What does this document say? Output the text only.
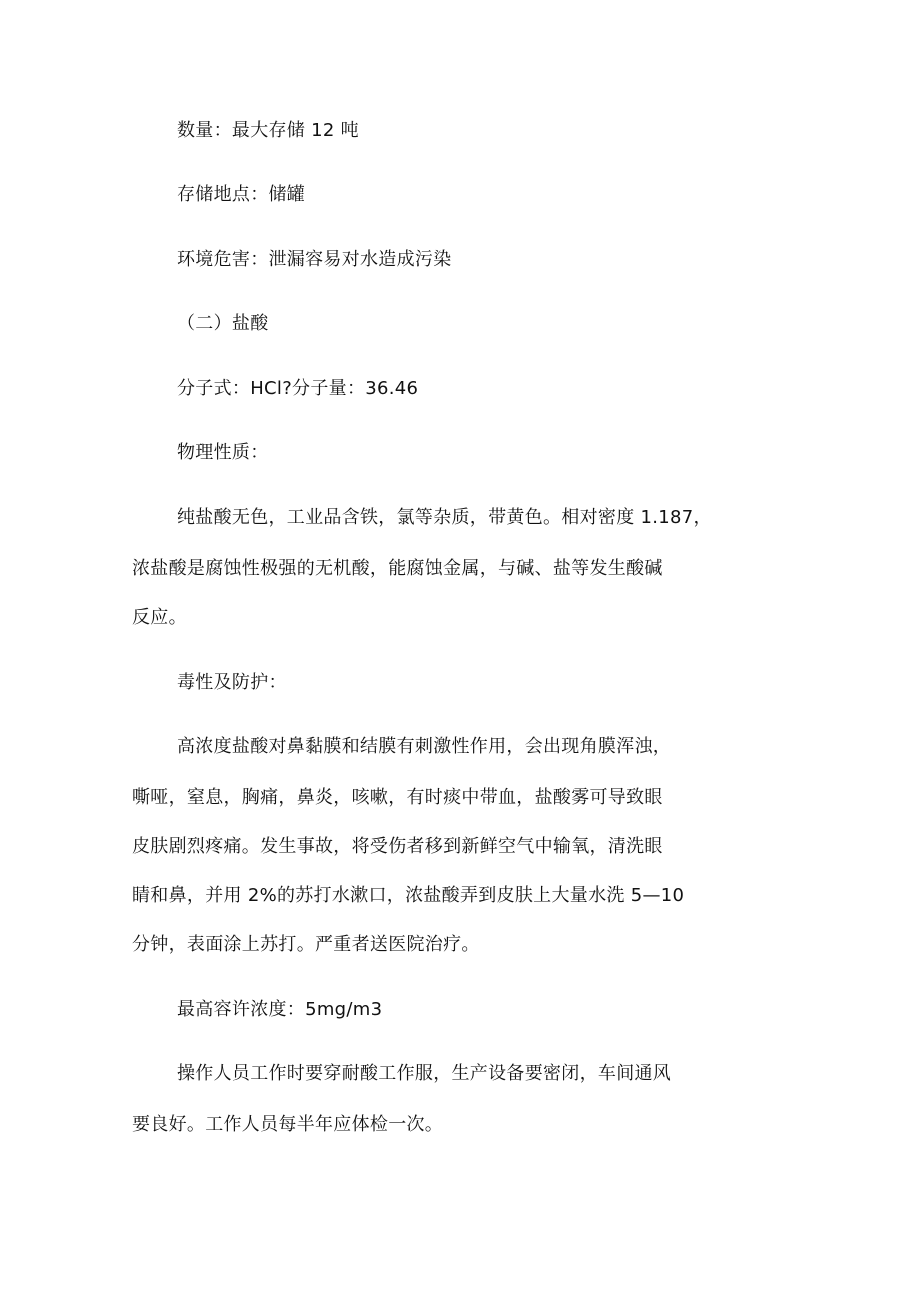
数量：最大存储 12 吨
存储地点：储罐
环境危害：泄漏容易对水造成污染
（二）盐酸
分子式：HCl?分子量：36.46
物理性质：
纯盐酸无色，工业品含铁，氯等杂质，带黄色。相对密度 1.187，
浓盐酸是腐蚀性极强的无机酸，能腐蚀金属，与碱、盐等发生酸碱
反应。
毒性及防护：
高浓度盐酸对鼻黏膜和结膜有刺激性作用，会出现角膜浑浊，
嘶哑，窒息，胸痛，鼻炎，咳嗽，有时痰中带血，盐酸雾可导致眼
皮肤剧烈疼痛。发生事故，将受伤者移到新鲜空气中输氧，清洗眼
睛和鼻，并用 2%的苏打水漱口，浓盐酸弄到皮肤上大量水洗 5—10
分钟，表面涂上苏打。严重者送医院治疗。
最高容许浓度：5mg/m3
操作人员工作时要穿耐酸工作服，生产设备要密闭，车间通风
要良好。工作人员每半年应体检一次。
